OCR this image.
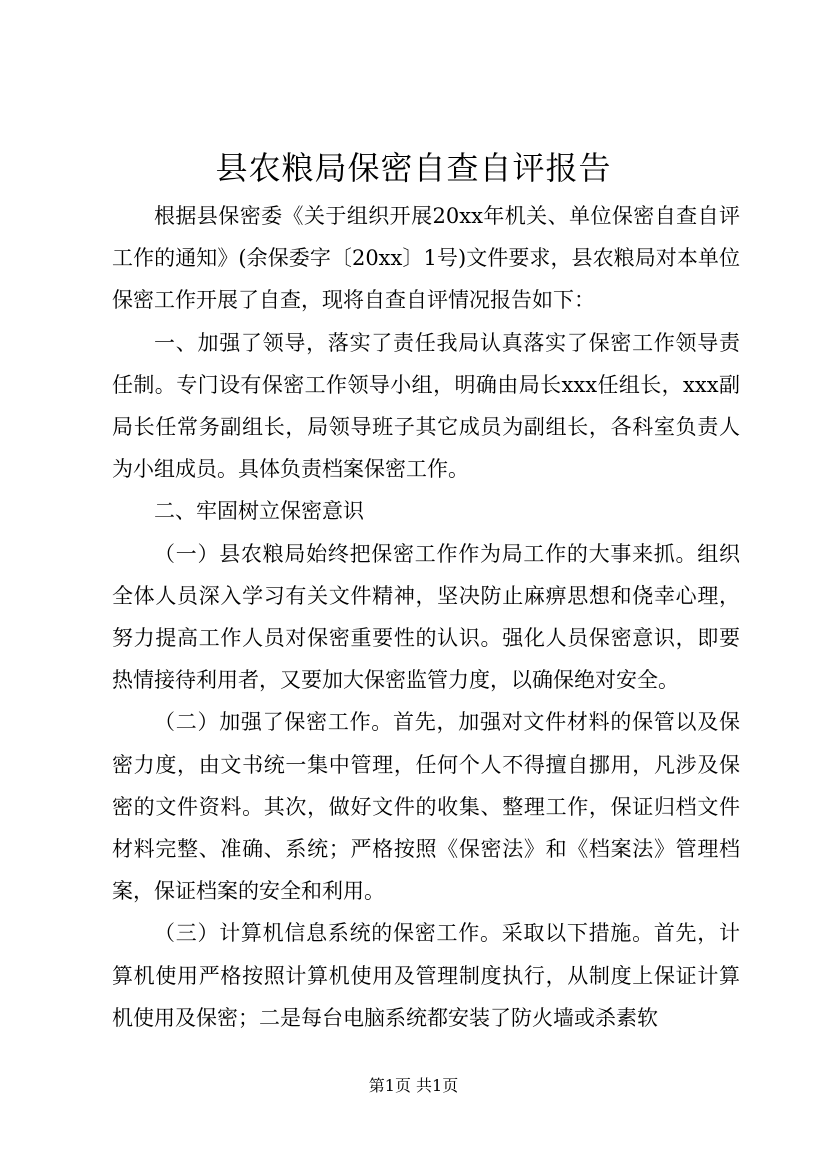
县农粮局保密自查自评报告

根据县保密委《关于组织开展20xx年机关、单位保密自查自评工作的通知》(余保委字〔20xx〕1号)文件要求，县农粮局对本单位保密工作开展了自查，现将自查自评情况报告如下：

一、加强了领导，落实了责任我局认真落实了保密工作领导责任制。专门设有保密工作领导小组，明确由局长xxx任组长，xxx副局长任常务副组长，局领导班子其它成员为副组长，各科室负责人为小组成员。具体负责档案保密工作。

二、牢固树立保密意识

（一）县农粮局始终把保密工作作为局工作的大事来抓。组织全体人员深入学习有关文件精神，坚决防止麻痹思想和侥幸心理，努力提高工作人员对保密重要性的认识。强化人员保密意识，即要热情接待利用者，又要加大保密监管力度，以确保绝对安全。

（二）加强了保密工作。首先，加强对文件材料的保管以及保密力度，由文书统一集中管理，任何个人不得擅自挪用，凡涉及保密的文件资料。其次，做好文件的收集、整理工作，保证归档文件材料完整、准确、系统；严格按照《保密法》和《档案法》管理档案，保证档案的安全和利用。

（三）计算机信息系统的保密工作。采取以下措施。首先，计算机使用严格按照计算机使用及管理制度执行，从制度上保证计算机使用及保密；二是每台电脑系统都安装了防火墙或杀素软

第1页 共1页
